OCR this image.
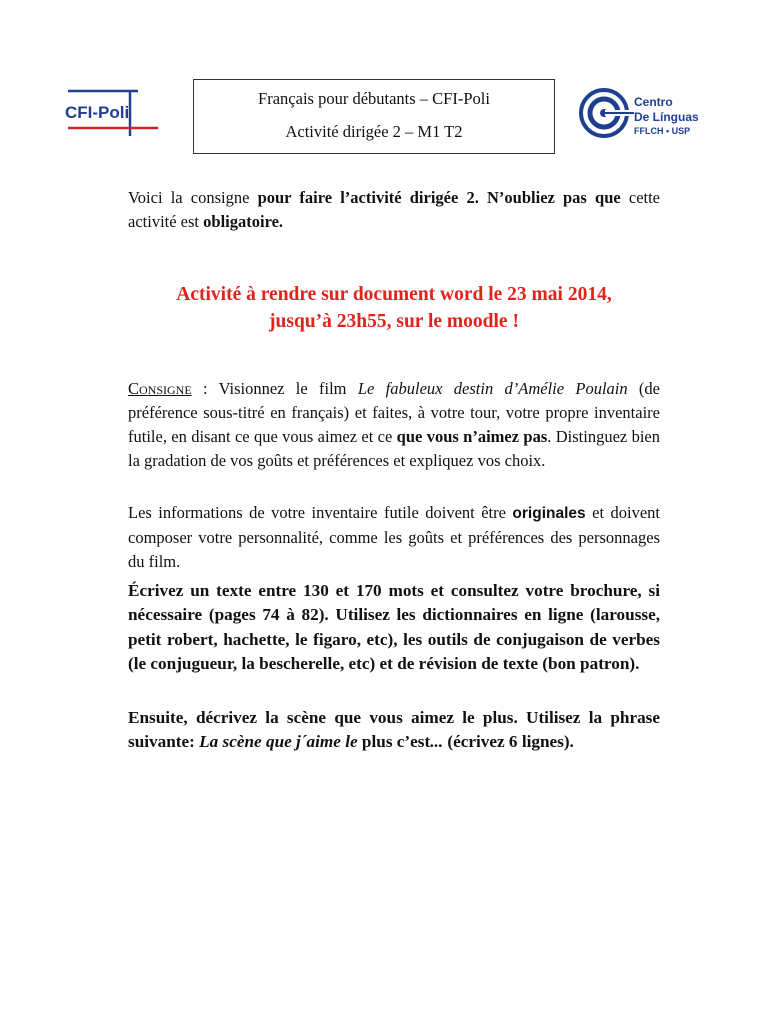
CFI-Poli
Français pour débutants – CFI-Poli
Activité dirigée 2 – M1 T2
Centro
De Línguas
FFLCH • USP
Voici la consigne pour faire l’activité dirigée 2. N’oubliez pas que cette activité est obligatoire.
Activité à rendre sur document word le 23 mai 2014,
jusqu’à 23h55, sur le moodle !
Consigne : Visionnez le film Le fabuleux destin d’Amélie Poulain (de préférence sous-titré en français) et faites, à votre tour, votre propre inventaire futile, en disant ce que vous aimez et ce que vous n’aimez pas. Distinguez bien la gradation de vos goûts et préférences et expliquez vos choix.
Les informations de votre inventaire futile doivent être originales et doivent composer votre personnalité, comme les goûts et préférences des personnages du film.
Écrivez un texte entre 130 et 170 mots et consultez votre brochure, si nécessaire (pages 74 à 82). Utilisez les dictionnaires en ligne (larousse, petit robert, hachette, le figaro, etc), les outils de conjugaison de verbes (le conjugueur, la bescherelle, etc) et de révision de texte (bon patron).
Ensuite, décrivez la scène que vous aimez le plus. Utilisez la phrase suivante: La scène que j´aime le plus c’est... (écrivez 6 lignes).
